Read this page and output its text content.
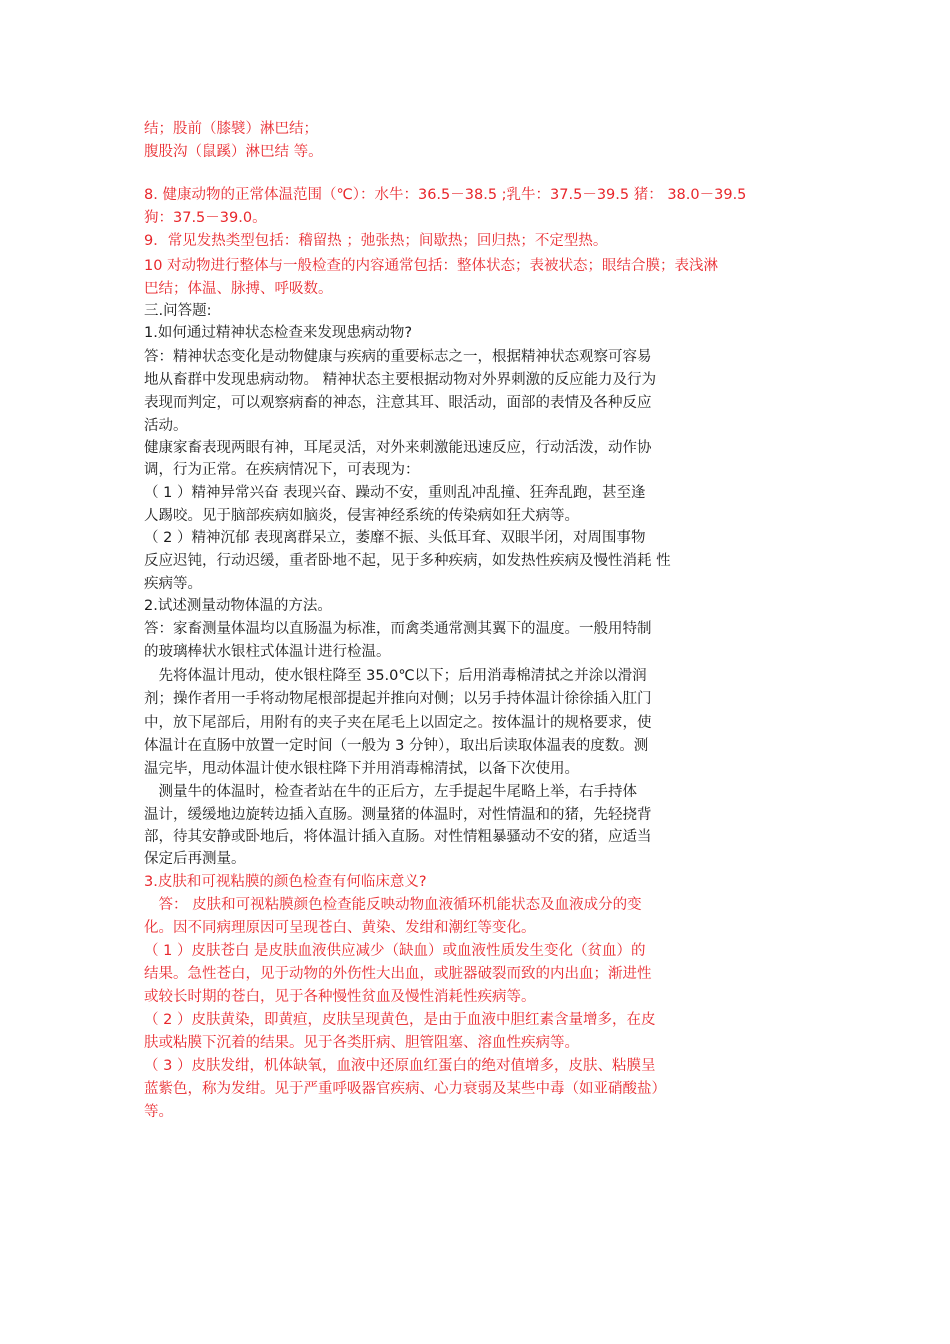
结；股前（膝襞）淋巴结；
腹股沟（鼠蹊）淋巴结 等。
8. 健康动物的正常体温范围（℃）：水牛：36.5－38.5 ;乳牛：37.5－39.5 猪： 38.0－39.5
狗：37.5－39.0。
9．常见发热类型包括：稽留热 ；弛张热；间歇热；回归热；不定型热。
10 对动物进行整体与一般检查的内容通常包括：整体状态；表被状态；眼结合膜；表浅淋
巴结；体温、脉搏、呼吸数。
三.问答题:
1.如何通过精神状态检查来发现患病动物?
答：精神状态变化是动物健康与疾病的重要标志之一，根据精神状态观察可容易
地从畜群中发现患病动物。 精神状态主要根据动物对外界刺激的反应能力及行为
表现而判定，可以观察病畜的神态，注意其耳、眼活动，面部的表情及各种反应
活动。
健康家畜表现两眼有神，耳尾灵活，对外来刺激能迅速反应，行动活泼，动作协
调，行为正常。在疾病情况下，可表现为：
（ 1 ）精神异常兴奋 表现兴奋、躁动不安，重则乱冲乱撞、狂奔乱跑，甚至逢
人踢咬。见于脑部疾病如脑炎，侵害神经系统的传染病如狂犬病等。
（ 2 ）精神沉郁 表现离群呆立，萎靡不振、头低耳耷、双眼半闭，对周围事物
反应迟钝，行动迟缓，重者卧地不起，见于多种疾病，如发热性疾病及慢性消耗 性
疾病等。
2.试述测量动物体温的方法。
答：家畜测量体温均以直肠温为标准，而禽类通常测其翼下的温度。一般用特制
的玻璃棒状水银柱式体温计进行检温。
　先将体温计甩动，使水银柱降至 35.0℃以下；后用消毒棉清拭之并涂以滑润
剂；操作者用一手将动物尾根部提起并推向对侧；以另手持体温计徐徐插入肛门
中，放下尾部后，用附有的夹子夹在尾毛上以固定之。按体温计的规格要求，使
体温计在直肠中放置一定时间（一般为 3 分钟），取出后读取体温表的度数。测
温完毕，甩动体温计使水银柱降下并用消毒棉清拭，以备下次使用。
　测量牛的体温时，检查者站在牛的正后方，左手提起牛尾略上举，右手持体
温计，缓缓地边旋转边插入直肠。测量猪的体温时，对性情温和的猪，先轻挠背
部，待其安静或卧地后，将体温计插入直肠。对性情粗暴骚动不安的猪，应适当
保定后再测量。
3.皮肤和可视粘膜的颜色检查有何临床意义?
　答： 皮肤和可视粘膜颜色检查能反映动物血液循环机能状态及血液成分的变
化。因不同病理原因可呈现苍白、黄染、发绀和潮红等变化。
（ 1 ）皮肤苍白 是皮肤血液供应减少（缺血）或血液性质发生变化（贫血）的
结果。急性苍白，见于动物的外伤性大出血，或脏器破裂而致的内出血；渐进性
或较长时期的苍白，见于各种慢性贫血及慢性消耗性疾病等。
（ 2 ）皮肤黄染，即黄疸，皮肤呈现黄色，是由于血液中胆红素含量增多，在皮
肤或粘膜下沉着的结果。见于各类肝病、胆管阻塞、溶血性疾病等。
（ 3 ）皮肤发绀，机体缺氧，血液中还原血红蛋白的绝对值增多，皮肤、粘膜呈
蓝紫色，称为发绀。见于严重呼吸器官疾病、心力衰弱及某些中毒（如亚硝酸盐）
等。
